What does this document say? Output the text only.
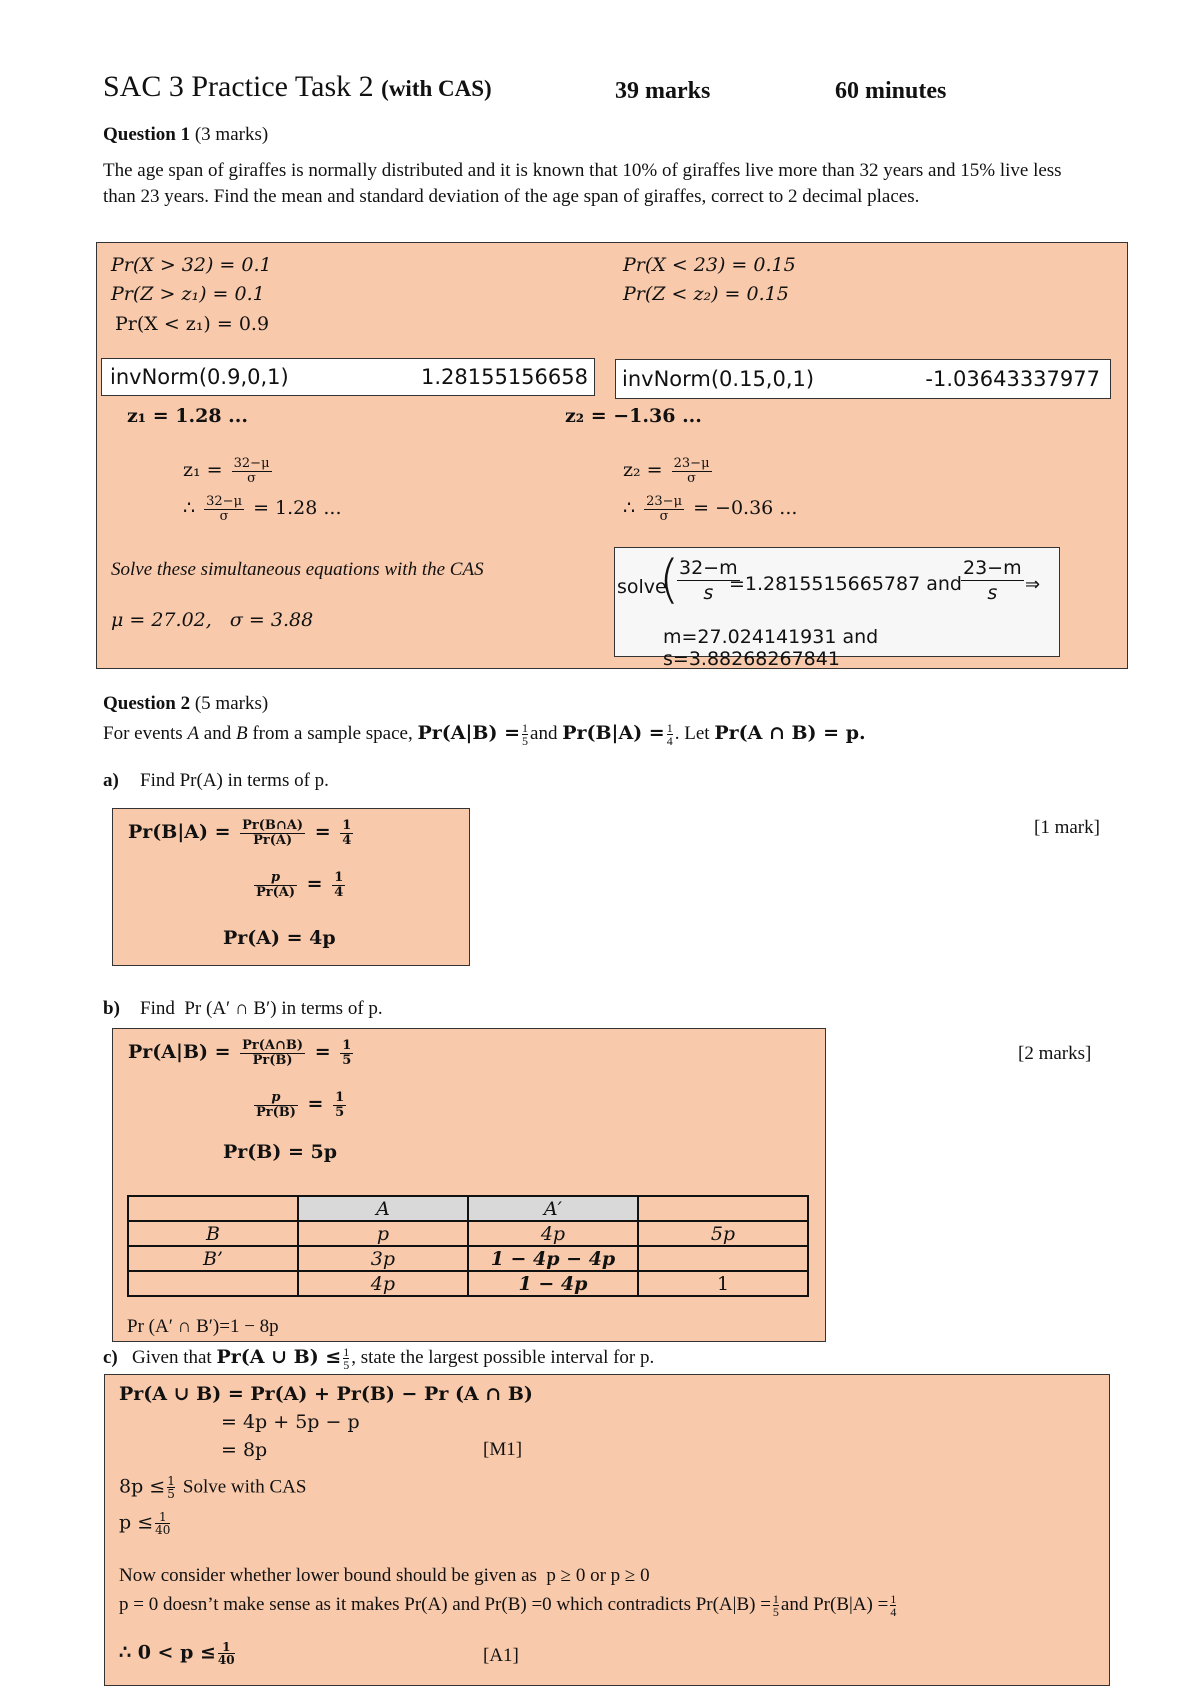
SAC 3 Practice Task 2 (with CAS)	39 marks	60 minutes
Question 1 (3 marks)
The age span of giraffes is normally distributed and it is known that 10% of giraffes live more than 32 years and 15% live less than 23 years. Find the mean and standard deviation of the age span of giraffes, correct to 2 decimal places.
Pr(X > 32) = 0.1
Pr(Z > z₁) = 0.1
Pr(X < z₁) = 0.9
Pr(X < 23) = 0.15
Pr(Z < z₂) = 0.15
invNorm(0.9,0,1)	1.28155156658 invNorm(0.15,0,1)	-1.03643337977
z₁ = 1.28 ...	z₂ = −1.36 ...
$z_1 = \frac{32-\mu}{\sigma}$
∴ $\frac{32-\mu}{\sigma} = 1.28$ ...
$z_2 = \frac{23-\mu}{\sigma}$
∴ $\frac{23-\mu}{\sigma} = -0.36$ ...
Solve these simultaneous equations with the CAS
μ = 27.02,   σ = 3.88
solve
(
$\frac{32-m}{s}$
=1.2815515665787 and $\frac{23-m}{s}$ ⇒
m=27.024141931 and s=3.88268267841
Question 2 (5 marks)
For events A and B from a sample space, $Pr(A|B) = \frac{1}{5}$ and $Pr(B|A) = \frac{1}{4}$ . Let Pr(A ∩ B) = p.
a) Find Pr(A) in terms of p.
[1 mark]
$Pr(B|A) = \frac{Pr(B\cap A)}{Pr(A)} = \frac{1}{4}$
$\frac{p}{Pr(A)} = \frac{1}{4}$
Pr(A) = 4p
b) Find  Pr (A′ ∩ B′) in terms of p.
[2 marks]
$Pr(A|B) = \frac{Pr(A\cap B)}{Pr(B)} = \frac{1}{5}$
$\frac{p}{Pr(B)} = \frac{1}{5}$
Pr(B) = 5p
	A	A′	
B	p	4p	5p
B’	3p	1 − 4p − 4p	
	4p	1 − 4p	1
Pr (A′ ∩ B′)=1 − 8p
c) Given that Pr(A ∪ $B) \le \frac{1}{5}$ , state the largest possible interval for p.
Pr(A ∪ B) = Pr(A) + Pr(B) − Pr (A ∩ B)
= 4p + 5p − p
= 8p	[M1]
$8p \le \frac{1}{5}$ Solve with CAS
$p \le \frac{1}{40}$
Now consider whether lower bound should be given as  p ≥ 0 or p ≥ 0
p = 0 doesn’t make sense as it makes Pr(A) and Pr(B) =0 which contradicts $Pr(A|B) = \frac{1}{5}$ and $Pr(B|A) = \frac{1}{4}$
∴ $0 < p \le \frac{1}{40}$	[A1]
